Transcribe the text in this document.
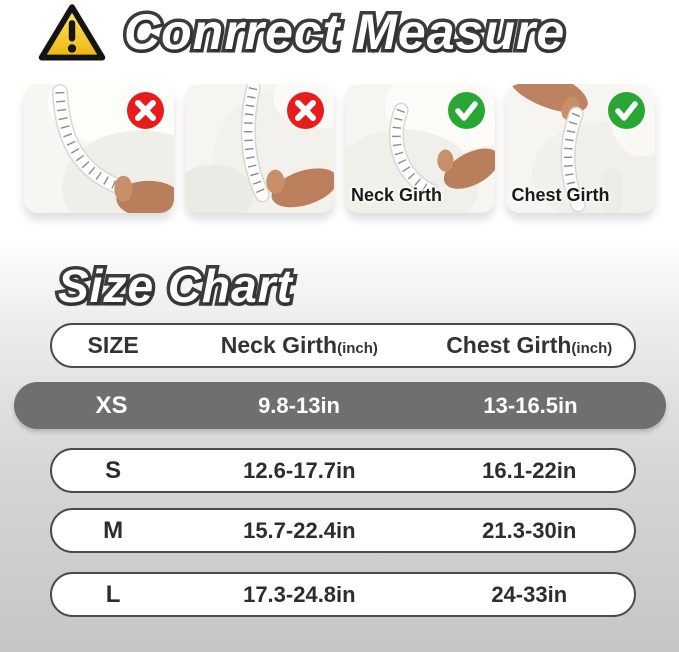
Conrrect Measure
Neck Girth	Chest Girth
Size Chart
SIZE	Neck Girth(inch)	Chest Girth(inch)
XS	9.8-13in	13-16.5in
S	12.6-17.7in	16.1-22in
M	15.7-22.4in	21.3-30in
L	17.3-24.8in	24-33in
